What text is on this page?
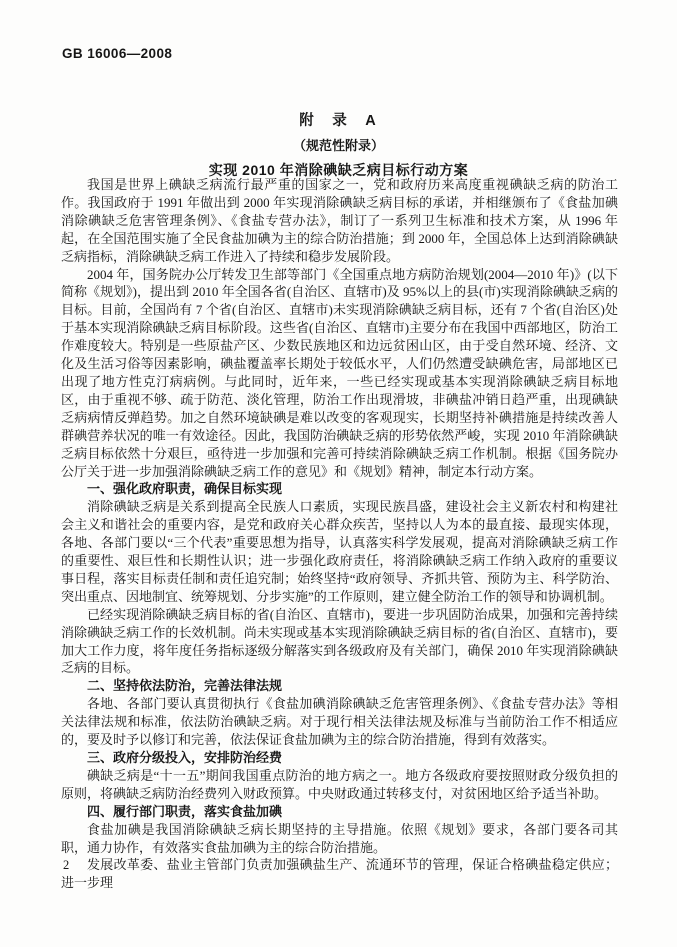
GB 16006—2008
附　录　A
（规范性附录）
实现 2010 年消除碘缺乏病目标行动方案

我国是世界上碘缺乏病流行最严重的国家之一，党和政府历来高度重视碘缺乏病的防治工作。我国政府于 1991 年做出到 2000 年实现消除碘缺乏病目标的承诺，并相继颁布了《食盐加碘消除碘缺乏危害管理条例》、《食盐专营办法》，制订了一系列卫生标准和技术方案，从 1996 年起，在全国范围实施了全民食盐加碘为主的综合防治措施；到 2000 年，全国总体上达到消除碘缺乏病指标，消除碘缺乏病工作进入了持续和稳步发展阶段。

2004 年，国务院办公厅转发卫生部等部门《全国重点地方病防治规划(2004—2010 年)》(以下简称《规划》)，提出到 2010 年全国各省(自治区、直辖市)及 95%以上的县(市)实现消除碘缺乏病的目标。目前，全国尚有 7 个省(自治区、直辖市)未实现消除碘缺乏病目标，还有 7 个省(自治区)处于基本实现消除碘缺乏病目标阶段。这些省(自治区、直辖市)主要分布在我国中西部地区，防治工作难度较大。特别是一些原盐产区、少数民族地区和边远贫困山区，由于受自然环境、经济、文化及生活习俗等因素影响，碘盐覆盖率长期处于较低水平，人们仍然遭受缺碘危害，局部地区已出现了地方性克汀病病例。与此同时，近年来，一些已经实现或基本实现消除碘缺乏病目标地区，由于重视不够、疏于防范、淡化管理，防治工作出现滑坡，非碘盐冲销日趋严重，出现碘缺乏病病情反弹趋势。加之自然环境缺碘是难以改变的客观现实，长期坚持补碘措施是持续改善人群碘营养状况的唯一有效途径。因此，我国防治碘缺乏病的形势依然严峻，实现 2010 年消除碘缺乏病目标依然十分艰巨，亟待进一步加强和完善可持续消除碘缺乏病工作机制。根据《国务院办公厅关于进一步加强消除碘缺乏病工作的意见》和《规划》精神，制定本行动方案。

一、强化政府职责，确保目标实现

消除碘缺乏病是关系到提高全民族人口素质，实现民族昌盛，建设社会主义新农村和构建社会主义和谐社会的重要内容，是党和政府关心群众疾苦，坚持以人为本的最直接、最现实体现，各地、各部门要以“三个代表”重要思想为指导，认真落实科学发展观，提高对消除碘缺乏病工作的重要性、艰巨性和长期性认识；进一步强化政府责任，将消除碘缺乏病工作纳入政府的重要议事日程，落实目标责任制和责任追究制；始终坚持“政府领导、齐抓共管、预防为主、科学防治、突出重点、因地制宜、统筹规划、分步实施”的工作原则，建立健全防治工作的领导和协调机制。

已经实现消除碘缺乏病目标的省(自治区、直辖市)，要进一步巩固防治成果，加强和完善持续消除碘缺乏病工作的长效机制。尚未实现或基本实现消除碘缺乏病目标的省(自治区、直辖市)，要加大工作力度，将年度任务指标逐级分解落实到各级政府及有关部门，确保 2010 年实现消除碘缺乏病的目标。

二、坚持依法防治，完善法律法规

各地、各部门要认真贯彻执行《食盐加碘消除碘缺乏危害管理条例》、《食盐专营办法》等相关法律法规和标准，依法防治碘缺乏病。对于现行相关法律法规及标准与当前防治工作不相适应的，要及时予以修订和完善，依法保证食盐加碘为主的综合防治措施，得到有效落实。

三、政府分级投入，安排防治经费

碘缺乏病是“十一五”期间我国重点防治的地方病之一。地方各级政府要按照财政分级负担的原则，将碘缺乏病防治经费列入财政预算。中央财政通过转移支付，对贫困地区给予适当补助。

四、履行部门职责，落实食盐加碘

食盐加碘是我国消除碘缺乏病长期坚持的主导措施。依照《规划》要求，各部门要各司其职，通力协作，有效落实食盐加碘为主的综合防治措施。

发展改革委、盐业主管部门负责加强碘盐生产、流通环节的管理，保证合格碘盐稳定供应；进一步理

2
